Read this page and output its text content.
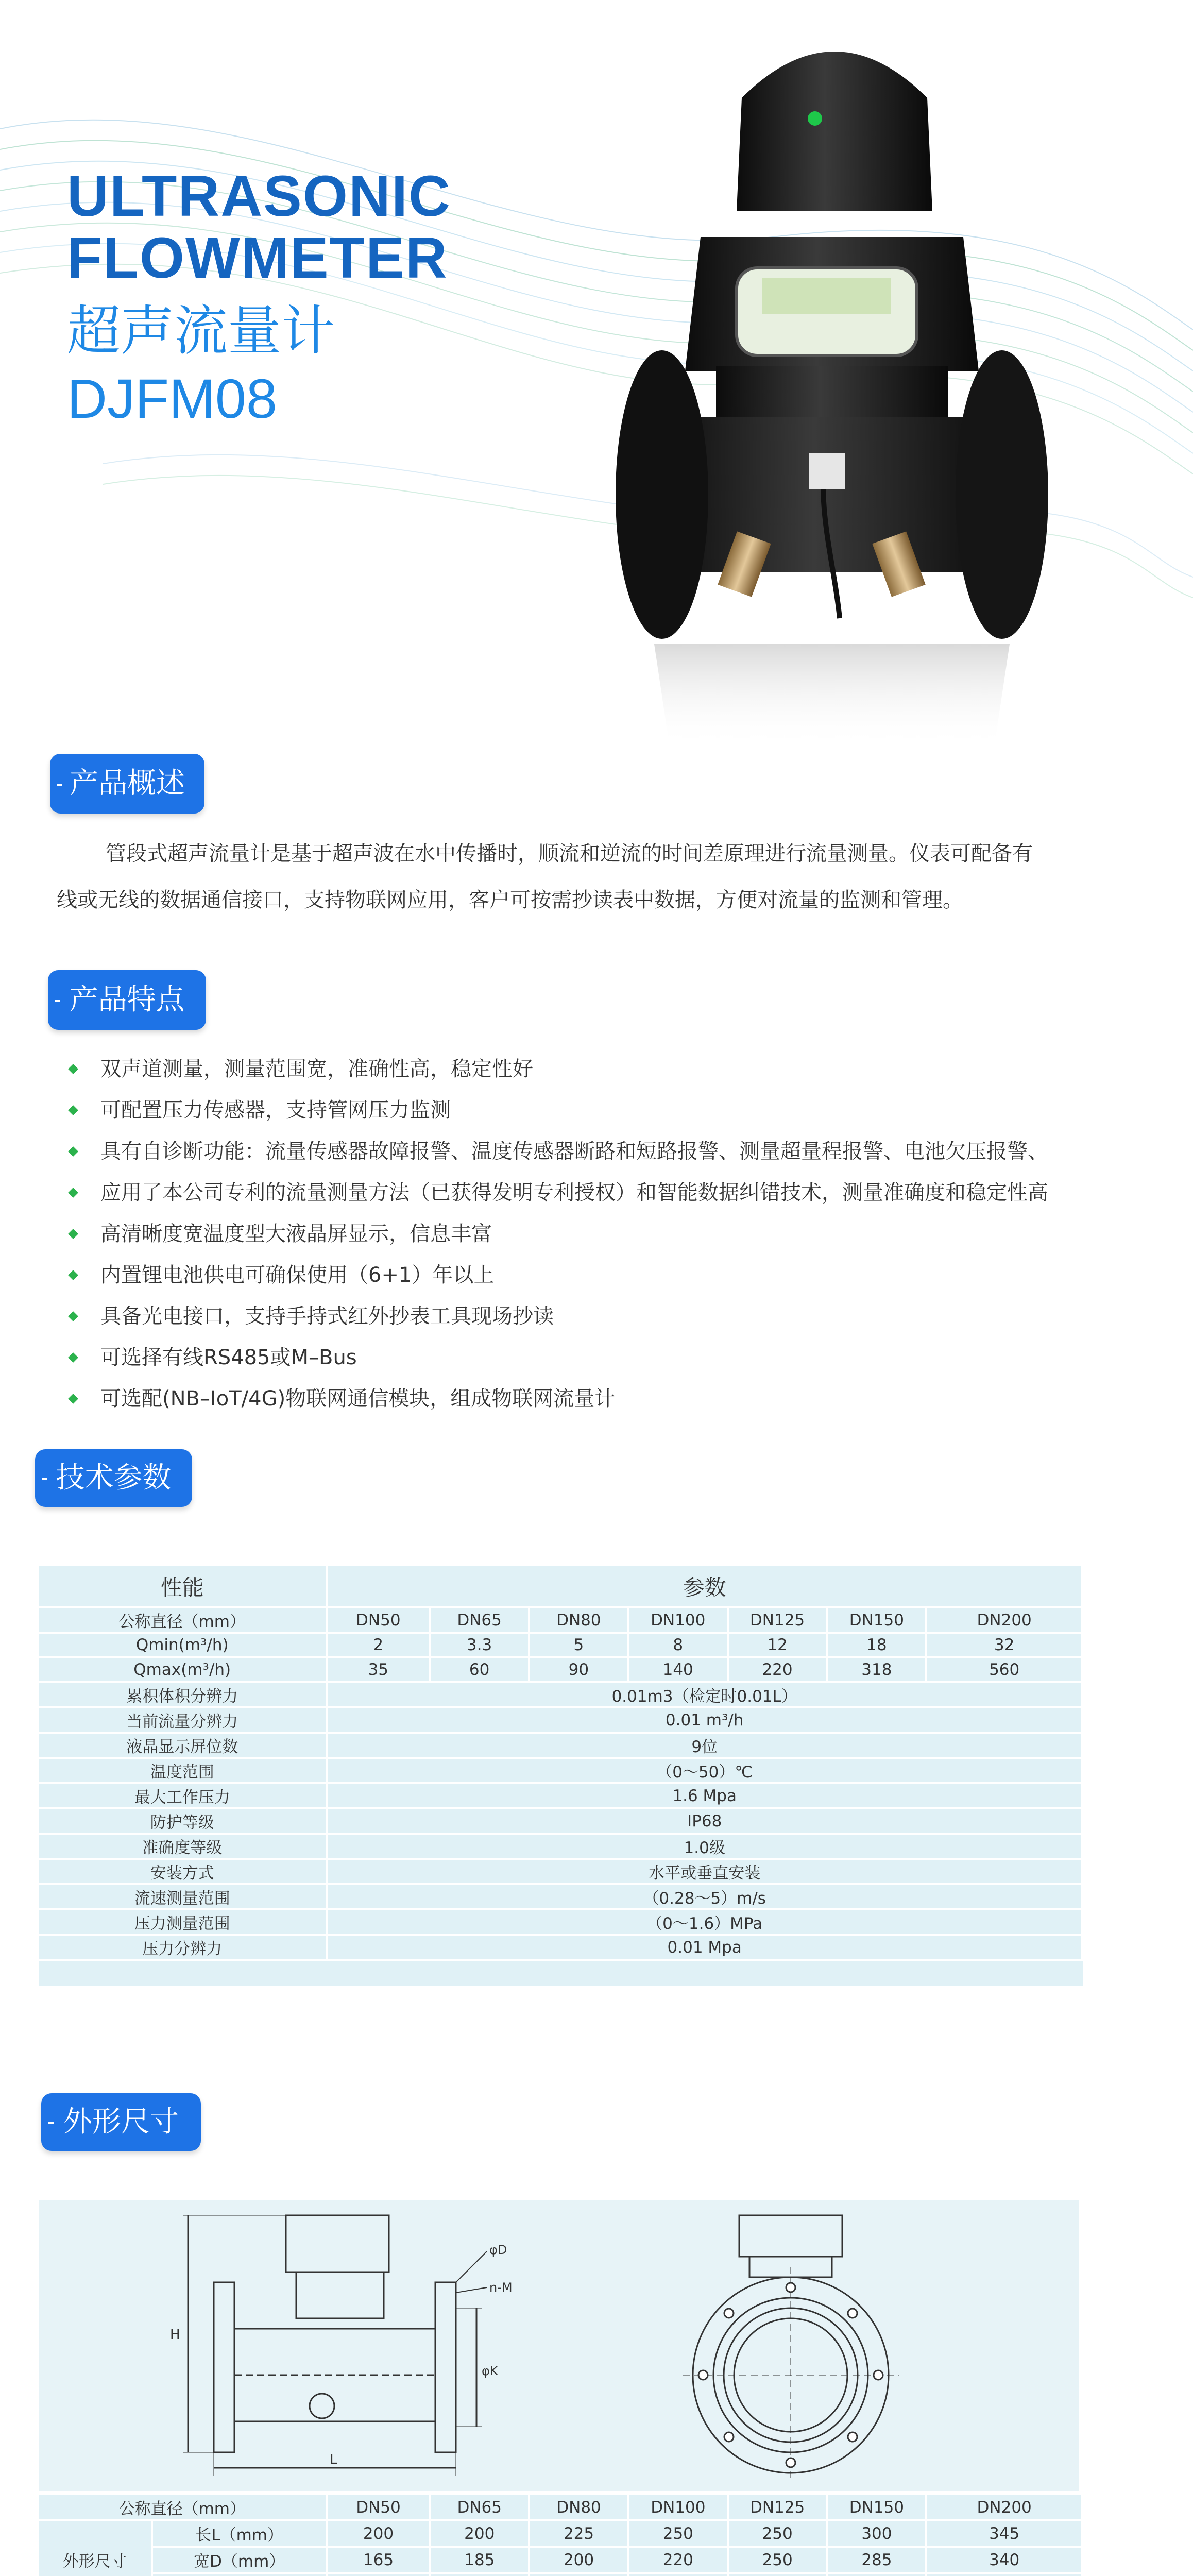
ULTRASONIC
FLOWMETER
超声流量计
DJFM08
产品概述
管段式超声流量计是基于超声波在水中传播时，顺流和逆流的时间差原理进行流量测量。仪表可配备有
线或无线的数据通信接口，支持物联网应用，客户可按需抄读表中数据，方便对流量的监测和管理。
产品特点
双声道测量，测量范围宽，准确性高，稳定性好
可配置压力传感器，支持管网压力监测
具有自诊断功能：流量传感器故障报警、温度传感器断路和短路报警、测量超量程报警、电池欠压报警、
应用了本公司专利的流量测量方法（已获得发明专利授权）和智能数据纠错技术，测量准确度和稳定性高
高清晰度宽温度型大液晶屏显示，信息丰富
内置锂电池供电可确保使用（6+1）年以上
具备光电接口，支持手持式红外抄表工具现场抄读
可选择有线RS485或M–Bus
可选配(NB–IoT/4G)物联网通信模块，组成物联网流量计
技术参数
性能	参数						
公称直径（mm）	DN50	DN65	DN80	DN100	DN125	DN150	DN200
Qmin(m³/h)	2	3.3	5	8	12	18	32
Qmax(m³/h)	35	60	90	140	220	318	560
累积体积分辨力	0.01m3（检定时0.01L）						
当前流量分辨力	0.01 m³/h						
液晶显示屏位数	9位						
温度范围	（0～50）℃						
最大工作压力	1.6 Mpa						
防护等级	IP68						
准确度等级	1.0级						
安装方式	水平或垂直安装						
流速测量范围	（0.28～5）m/s						
压力测量范围	（0～1.6）MPa						
压力分辨力	0.01 Mpa						
外形尺寸
H
L
φD
n-M
φK
公称直径（mm）		DN50	DN65	DN80	DN100	DN125	DN150	DN200
外形尺寸	长L（mm）	200	200	225	250	250	300	345
	宽D（mm）	165	185	200	220	250	285	340
